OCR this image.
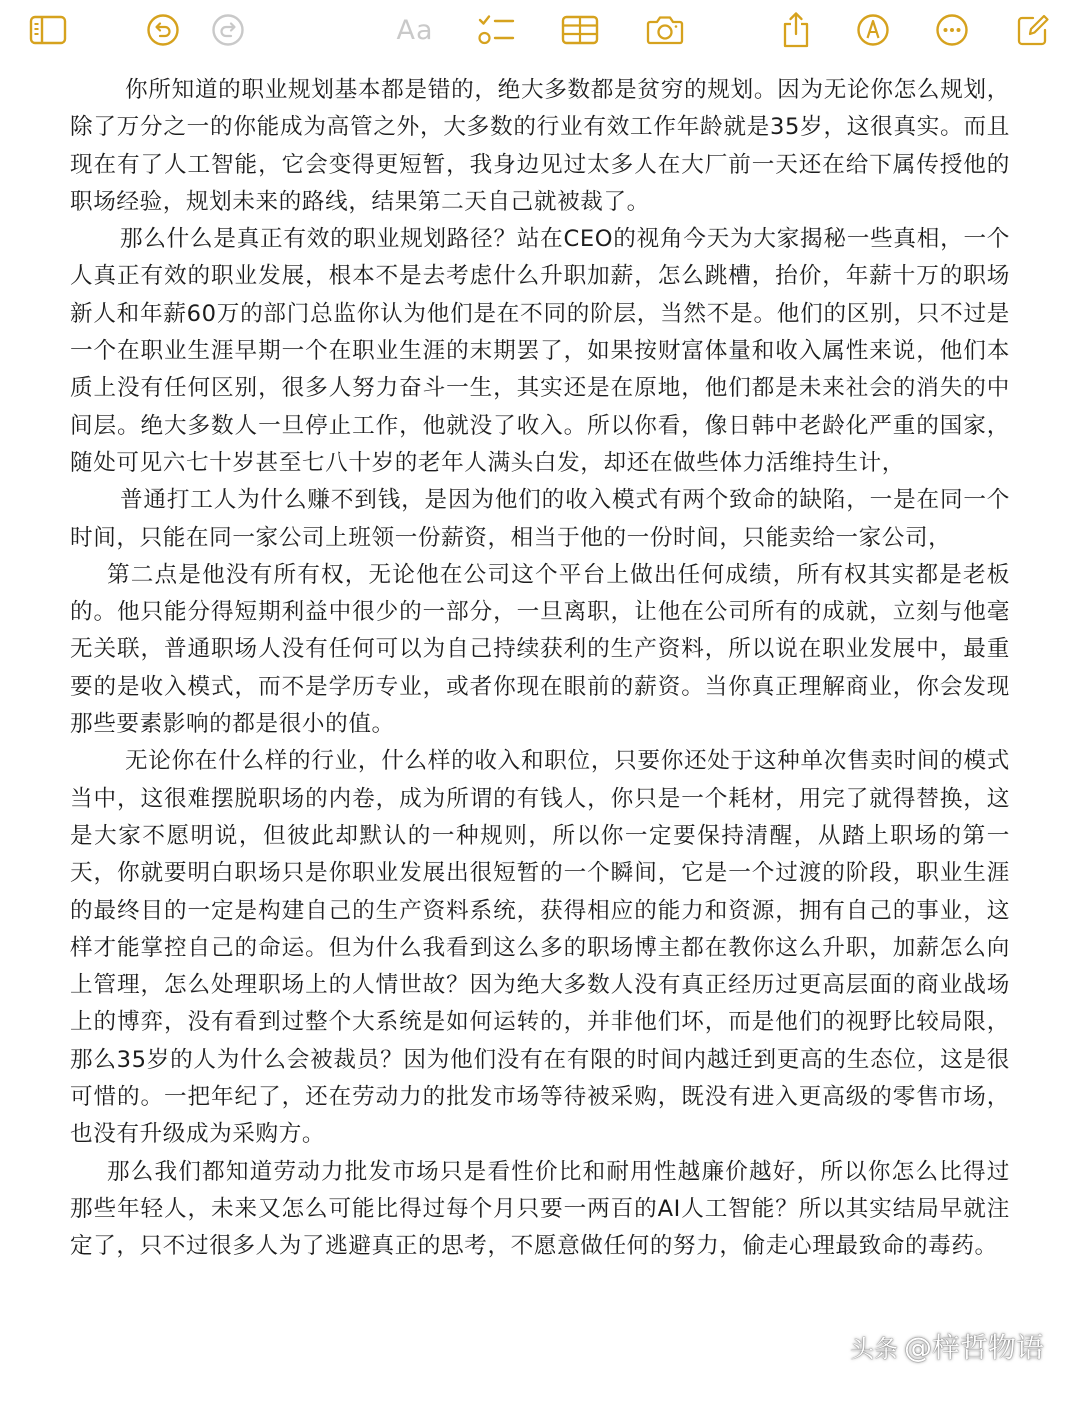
Aa

你所知道的职业规划基本都是错的，绝大多数都是贫穷的规划。因为无论你怎么规划，除了万分之一的你能成为高管之外，大多数的行业有效工作年龄就是35岁，这很真实。而且现在有了人工智能，它会变得更短暂，我身边见过太多人在大厂前一天还在给下属传授他的职场经验，规划未来的路线，结果第二天自己就被裁了。

那么什么是真正有效的职业规划路径？站在CEO的视角今天为大家揭秘一些真相，一个人真正有效的职业发展，根本不是去考虑什么升职加薪，怎么跳槽，抬价，年薪十万的职场新人和年薪60万的部门总监你认为他们是在不同的阶层，当然不是。他们的区别，只不过是一个在职业生涯早期一个在职业生涯的末期罢了，如果按财富体量和收入属性来说，他们本质上没有任何区别，很多人努力奋斗一生，其实还是在原地，他们都是未来社会的消失的中间层。绝大多数人一旦停止工作，他就没了收入。所以你看，像日韩中老龄化严重的国家，随处可见六七十岁甚至七八十岁的老年人满头白发，却还在做些体力活维持生计，

普通打工人为什么赚不到钱，是因为他们的收入模式有两个致命的缺陷，一是在同一个时间，只能在同一家公司上班领一份薪资，相当于他的一份时间，只能卖给一家公司，

第二点是他没有所有权，无论他在公司这个平台上做出任何成绩，所有权其实都是老板的。他只能分得短期利益中很少的一部分，一旦离职，让他在公司所有的成就，立刻与他毫无关联，普通职场人没有任何可以为自己持续获利的生产资料，所以说在职业发展中，最重要的是收入模式，而不是学历专业，或者你现在眼前的薪资。当你真正理解商业，你会发现那些要素影响的都是很小的值。

无论你在什么样的行业，什么样的收入和职位，只要你还处于这种单次售卖时间的模式当中，这很难摆脱职场的内卷，成为所谓的有钱人，你只是一个耗材，用完了就得替换，这是大家不愿明说，但彼此却默认的一种规则，所以你一定要保持清醒，从踏上职场的第一天，你就要明白职场只是你职业发展出很短暂的一个瞬间，它是一个过渡的阶段，职业生涯的最终目的一定是构建自己的生产资料系统，获得相应的能力和资源，拥有自己的事业，这样才能掌控自己的命运。但为什么我看到这么多的职场博主都在教你这么升职，加薪怎么向上管理，怎么处理职场上的人情世故？因为绝大多数人没有真正经历过更高层面的商业战场上的博弈，没有看到过整个大系统是如何运转的，并非他们坏，而是他们的视野比较局限，那么35岁的人为什么会被裁员？因为他们没有在有限的时间内越迁到更高的生态位，这是很可惜的。一把年纪了，还在劳动力的批发市场等待被采购，既没有进入更高级的零售市场，也没有升级成为采购方。

那么我们都知道劳动力批发市场只是看性价比和耐用性越廉价越好，所以你怎么比得过那些年轻人，未来又怎么可能比得过每个月只要一两百的AI人工智能？所以其实结局早就注定了，只不过很多人为了逃避真正的思考，不愿意做任何的努力，偷走心理最致命的毒药。

头条 @梓哲物语
